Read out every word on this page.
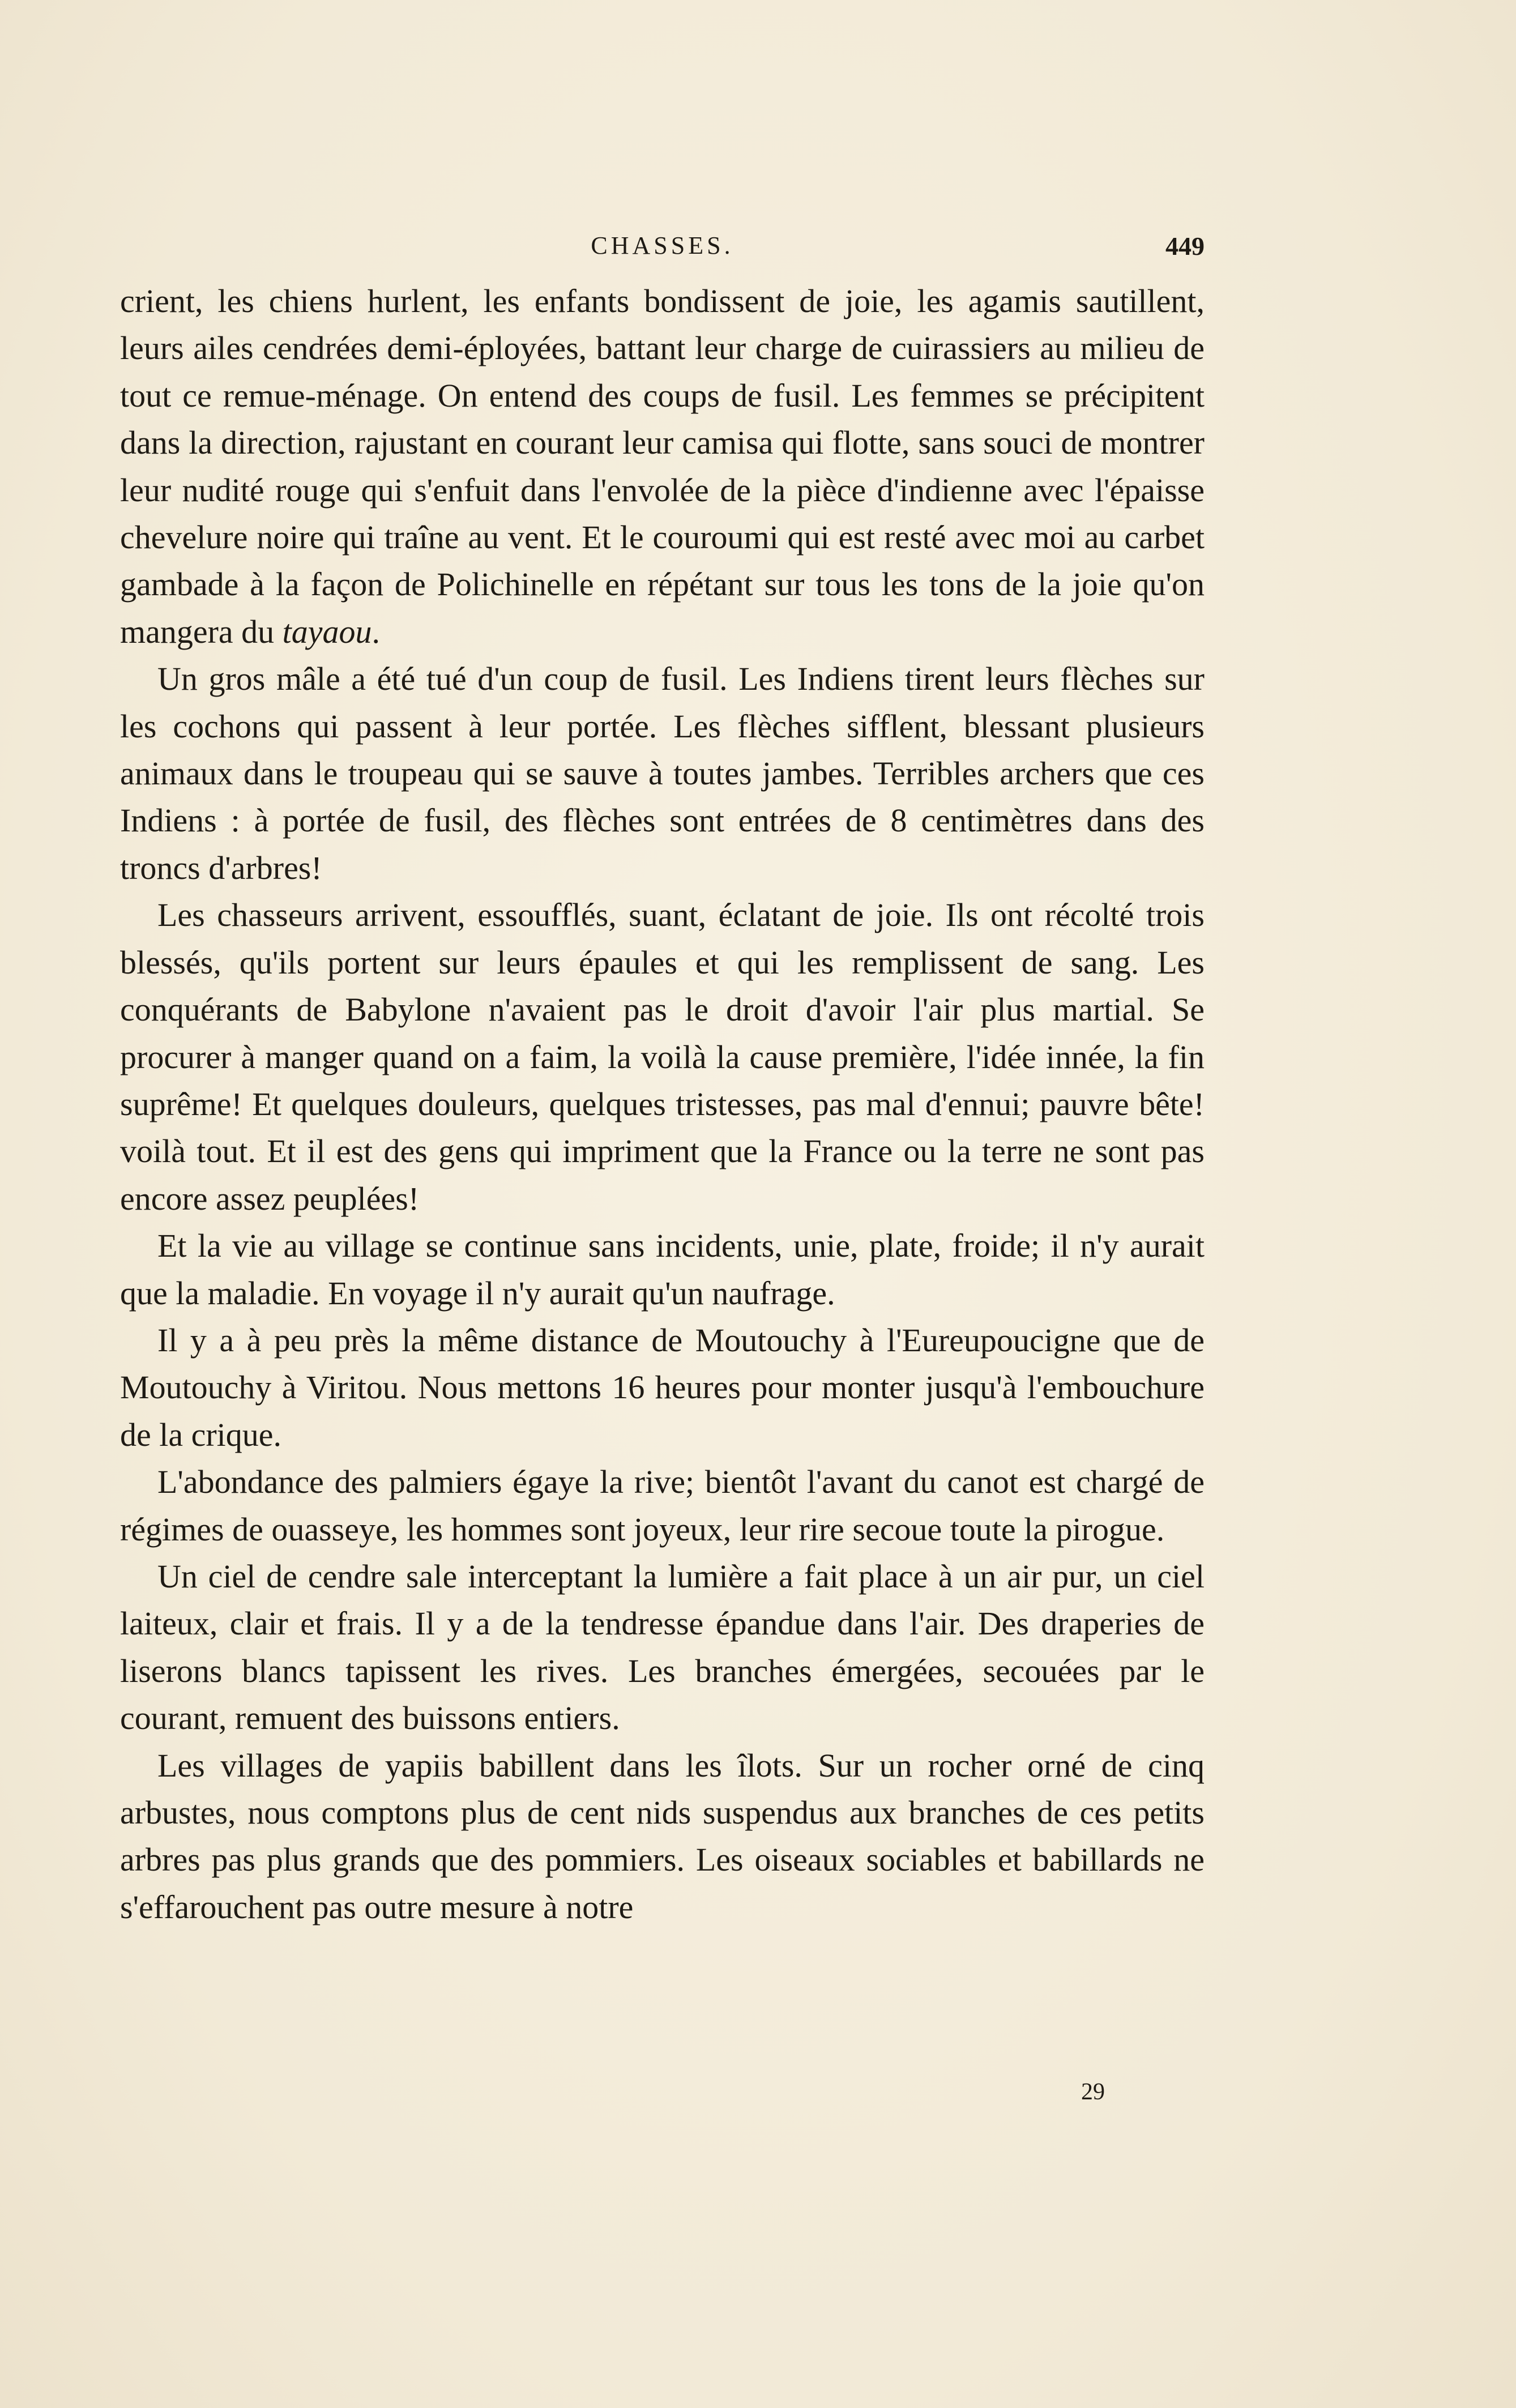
CHASSES.	449

crient, les chiens hurlent, les enfants bondissent de joie, les agamis sautillent, leurs ailes cendrées demi-éployées, battant leur charge de cuirassiers au milieu de tout ce remue-ménage. On entend des coups de fusil. Les femmes se précipitent dans la direction, rajustant en courant leur camisa qui flotte, sans souci de montrer leur nudité rouge qui s'enfuit dans l'envolée de la pièce d'indienne avec l'épaisse chevelure noire qui traîne au vent. Et le couroumi qui est resté avec moi au carbet gambade à la façon de Polichinelle en répétant sur tous les tons de la joie qu'on mangera du tayaou.

Un gros mâle a été tué d'un coup de fusil. Les Indiens tirent leurs flèches sur les cochons qui passent à leur portée. Les flèches sifflent, blessant plusieurs animaux dans le troupeau qui se sauve à toutes jambes. Terribles archers que ces Indiens : à portée de fusil, des flèches sont entrées de 8 centimètres dans des troncs d'arbres!

Les chasseurs arrivent, essoufflés, suant, éclatant de joie. Ils ont récolté trois blessés, qu'ils portent sur leurs épaules et qui les remplissent de sang. Les conquérants de Babylone n'avaient pas le droit d'avoir l'air plus martial. Se procurer à manger quand on a faim, la voilà la cause première, l'idée innée, la fin suprême! Et quelques douleurs, quelques tristesses, pas mal d'ennui; pauvre bête! voilà tout. Et il est des gens qui impriment que la France ou la terre ne sont pas encore assez peuplées!

Et la vie au village se continue sans incidents, unie, plate, froide; il n'y aurait que la maladie. En voyage il n'y aurait qu'un naufrage.

Il y a à peu près la même distance de Moutouchy à l'Eureupoucigne que de Moutouchy à Viritou. Nous mettons 16 heures pour monter jusqu'à l'embouchure de la crique.

L'abondance des palmiers égaye la rive; bientôt l'avant du canot est chargé de régimes de ouasseye, les hommes sont joyeux, leur rire secoue toute la pirogue.

Un ciel de cendre sale interceptant la lumière a fait place à un air pur, un ciel laiteux, clair et frais. Il y a de la tendresse épandue dans l'air. Des draperies de liserons blancs tapissent les rives. Les branches émergées, secouées par le courant, remuent des buissons entiers.

Les villages de yapiis babillent dans les îlots. Sur un rocher orné de cinq arbustes, nous comptons plus de cent nids suspendus aux branches de ces petits arbres pas plus grands que des pommiers. Les oiseaux sociables et babillards ne s'effarouchent pas outre mesure à notre

29
